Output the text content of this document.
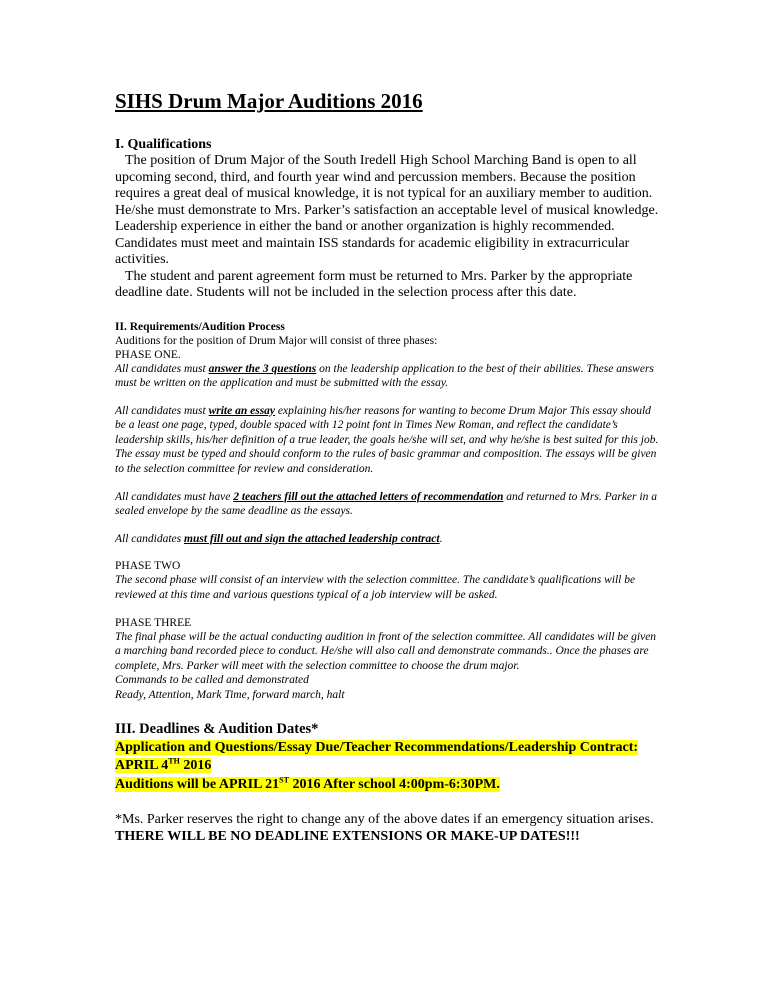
SIHS Drum Major Auditions 2016

I. Qualifications

The position of Drum Major of the South Iredell High School Marching Band is open to all upcoming second, third, and fourth year wind and percussion members. Because the position requires a great deal of musical knowledge, it is not typical for an auxiliary member to audition. He/she must demonstrate to Mrs. Parker’s satisfaction an acceptable level of musical knowledge. Leadership experience in either the band or another organization is highly recommended. Candidates must meet and maintain ISS standards for academic eligibility in extracurricular activities.

The student and parent agreement form must be returned to Mrs. Parker by the appropriate deadline date. Students will not be included in the selection process after this date.

II. Requirements/Audition Process

Auditions for the position of Drum Major will consist of three phases:

PHASE ONE.

All candidates must answer the 3 questions on the leadership application to the best of their abilities. These answers must be written on the application and must be submitted with the essay.

All candidates must write an essay explaining his/her reasons for wanting to become Drum Major This essay should be a least one page, typed, double spaced with 12 point font in Times New Roman, and reflect the candidate’s leadership skills, his/her definition of a true leader, the goals he/she will set, and why he/she is best suited for this job. The essay must be typed and should conform to the rules of basic grammar and composition. The essays will be given to the selection committee for review and consideration.

All candidates must have 2 teachers fill out the attached letters of recommendation and returned to Mrs. Parker in a sealed envelope by the same deadline as the essays.

All candidates must fill out and sign the attached leadership contract.

PHASE TWO

The second phase will consist of an interview with the selection committee. The candidate’s qualifications will be reviewed at this time and various questions typical of a job interview will be asked.

PHASE THREE

The final phase will be the actual conducting audition in front of the selection committee. All candidates will be given a marching band recorded piece to conduct. He/she will also call and demonstrate commands.. Once the phases are complete, Mrs. Parker will meet with the selection committee to choose the drum major.

Commands to be called and demonstrated

Ready, Attention, Mark Time, forward march, halt

III. Deadlines & Audition Dates*

Application and Questions/Essay Due/Teacher Recommendations/Leadership Contract:

APRIL 4TH 2016

Auditions will be APRIL 21ST 2016 After school 4:00pm-6:30PM.

*Ms. Parker reserves the right to change any of the above dates if an emergency situation arises.

THERE WILL BE NO DEADLINE EXTENSIONS OR MAKE-UP DATES!!!
